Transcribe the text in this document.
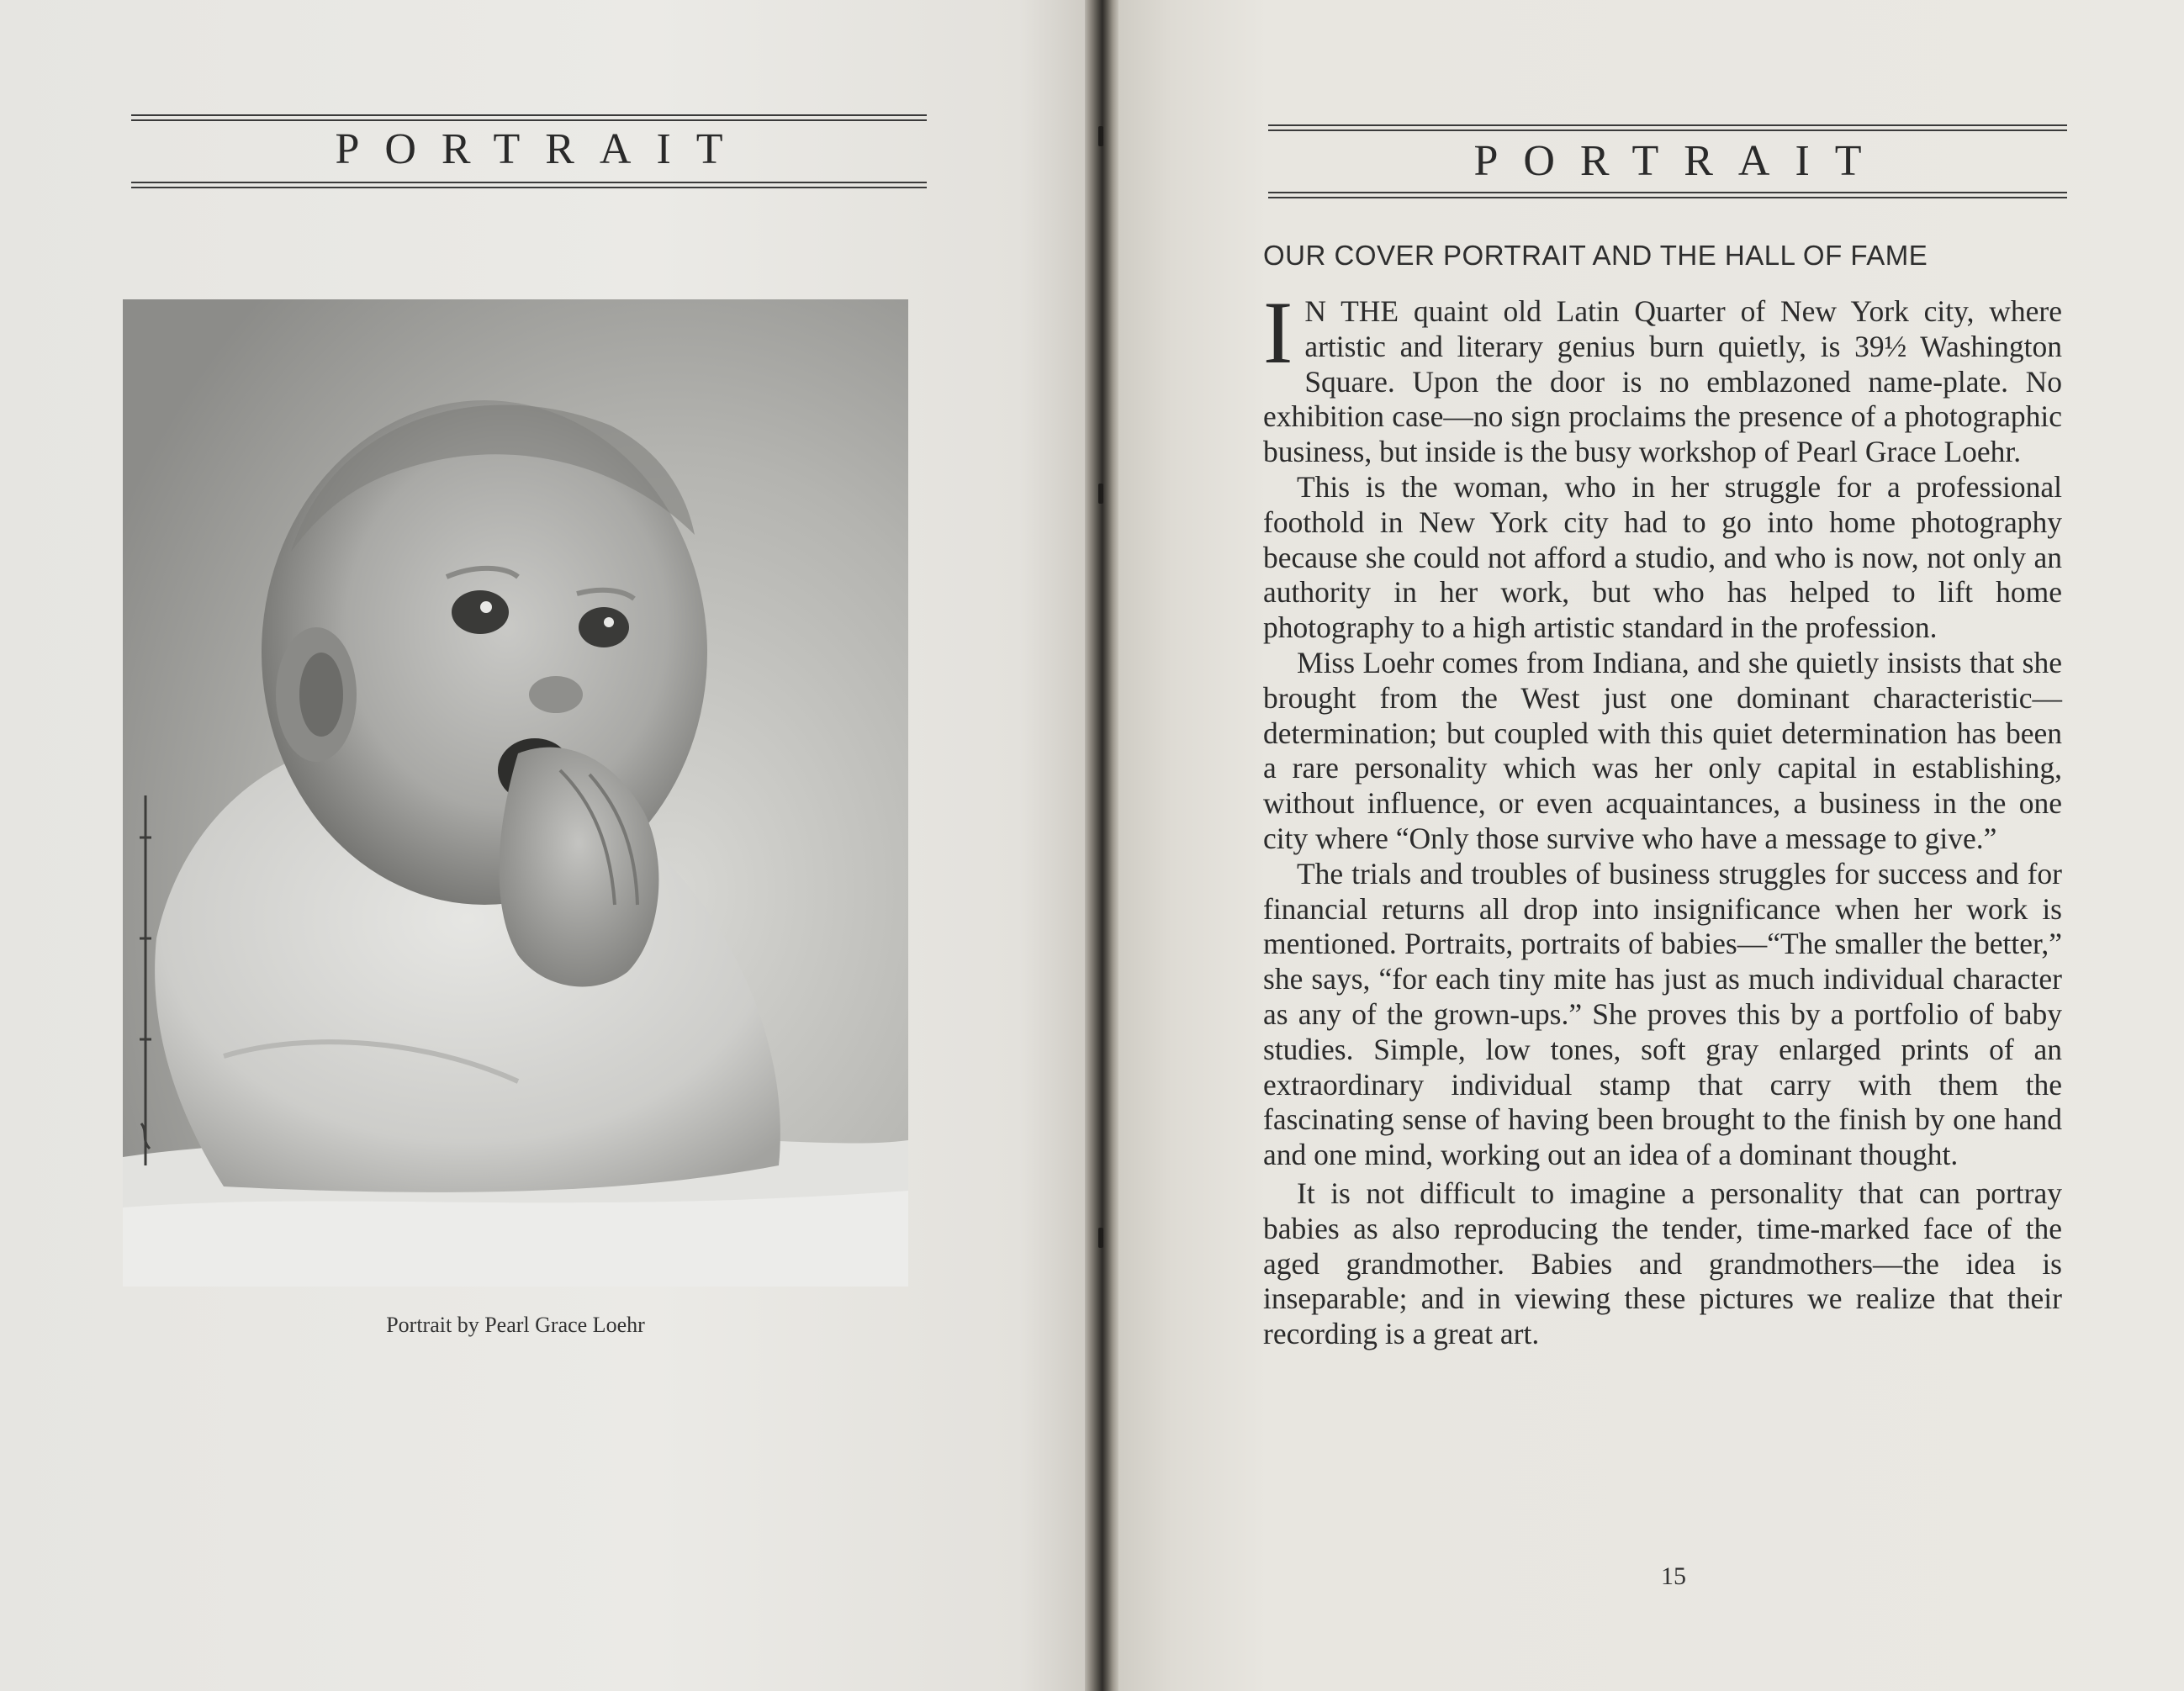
PORTRAIT
Portrait by Pearl Grace Loehr
PORTRAIT
OUR COVER PORTRAIT AND THE HALL OF FAME

I N THE quaint old Latin Quarter of New York city, where artistic and literary genius burn quietly, is 39½ Washington Square. Upon the door is no emblazoned name-plate. No exhibition case—no sign proclaims the presence of a photographic business, but inside is the busy workshop of Pearl Grace Loehr.

This is the woman, who in her struggle for a professional foothold in New York city had to go into home photography because she could not afford a studio, and who is now, not only an authority in her work, but who has helped to lift home photography to a high artistic standard in the profession.

Miss Loehr comes from Indiana, and she quietly insists that she brought from the West just one dominant characteristic—determination; but coupled with this quiet determination has been a rare personality which was her only capital in establishing, without influence, or even acquaintances, a business in the one city where “Only those survive who have a message to give.”

The trials and troubles of business struggles for success and for financial returns all drop into insignificance when her work is mentioned. Portraits, portraits of babies—“The smaller the better,” she says, “for each tiny mite has just as much individual character as any of the grown-ups.” She proves this by a portfolio of baby studies. Simple, low tones, soft gray enlarged prints of an extraordinary individual stamp that carry with them the fascinating sense of having been brought to the finish by one hand and one mind, working out an idea of a dominant thought.

It is not difficult to imagine a personality that can portray babies as also reproducing the tender, time-marked face of the aged grandmother. Babies and grandmothers—the idea is inseparable; and in viewing these pictures we realize that their recording is a great art.

15
